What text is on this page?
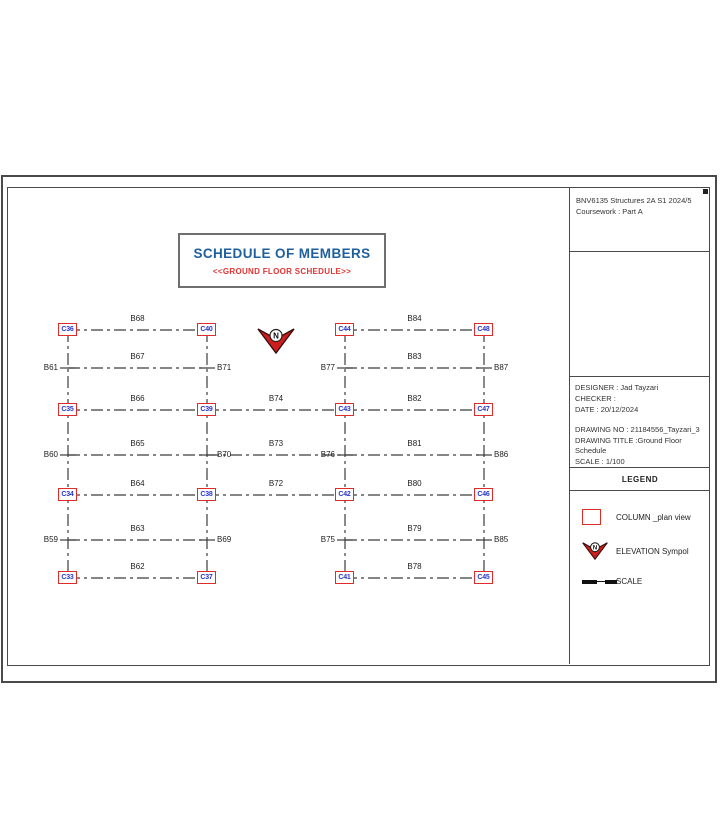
B61
B60
B59
B71
B70
B69
B77
B76
B75
B87
B86
B85
B68
B67
B66
B65
B64
B63
B62
B74
B73
B72
B84
B83
B82
B81
B80
B79
B78
C36	C40	C44	C48
C35	C39	C43	C47
C34	C38	C42	C46
C33	C37	C41	C45
SCHEDULE OF MEMBERS
<<GROUND FLOOR SCHEDULE>>
N
BNV6135 Structures 2A S1 2024/5
Coursework : Part A
DESIGNER : Jad Tayzari
CHECKER :
DATE : 20/12/2024
DRAWING NO : 21184556_Tayzari_3
DRAWING TITLE :Ground Floor Schedule
SCALE : 1/100
LEGEND
COLUMN _plan view
N ELEVATION Sympol
SCALE
